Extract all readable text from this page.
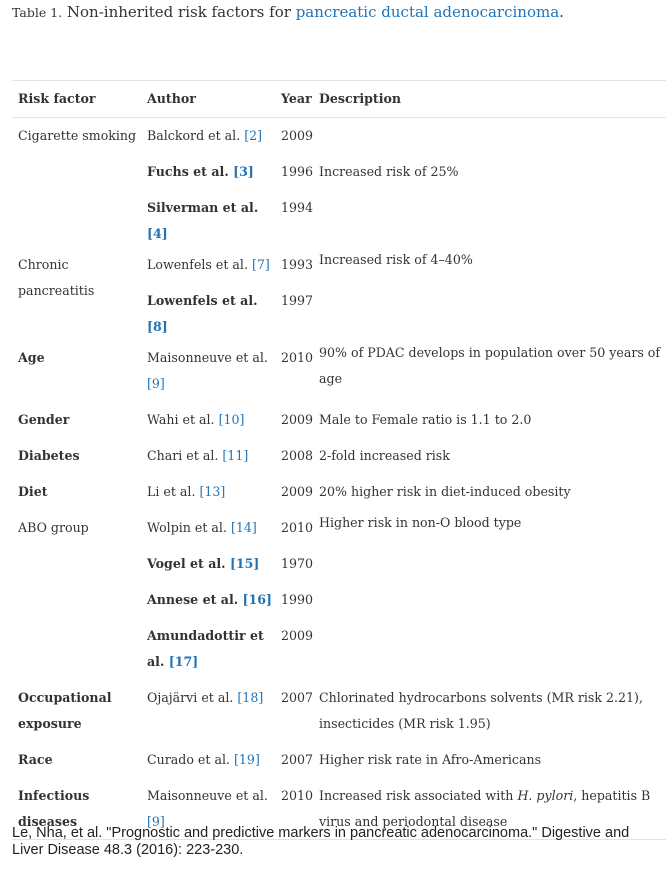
Table 1. Non-inherited risk factors for pancreatic ductal adenocarcinoma.
Risk factor	Author	Year	Description
Cigarette smoking	Balckord et al. [2]	2009	
	Fuchs et al. [3]	1996	Increased risk of 25%
	Silverman et al. [4]	1994	
Chronic pancreatitis	Lowenfels et al. [7]	1993	Increased risk of 4–40%
	Lowenfels et al. [8]	1997	
Age	Maisonneuve et al. [9]	2010	90% of PDAC develops in population over 50 years of age
Gender	Wahi et al. [10]	2009	Male to Female ratio is 1.1 to 2.0
Diabetes	Chari et al. [11]	2008	2-fold increased risk
Diet	Li et al. [13]	2009	20% higher risk in diet-induced obesity
ABO group	Wolpin et al. [14]	2010	Higher risk in non-O blood type
	Vogel et al. [15]	1970	
	Annese et al. [16]	1990	
	Amundadottir et al. [17]	2009	
Occupational exposure	Ojajärvi et al. [18]	2007	Chlorinated hydrocarbons solvents (MR risk 2.21), insecticides (MR risk 1.95)
Race	Curado et al. [19]	2007	Higher risk rate in Afro-Americans
Infectious diseases	Maisonneuve et al. [9]	2010	Increased risk associated with H. pylori, hepatitis B virus and periodontal disease
Le, Nha, et al. "Prognostic and predictive markers in pancreatic adenocarcinoma." Digestive and Liver Disease 48.3 (2016): 223-230.
